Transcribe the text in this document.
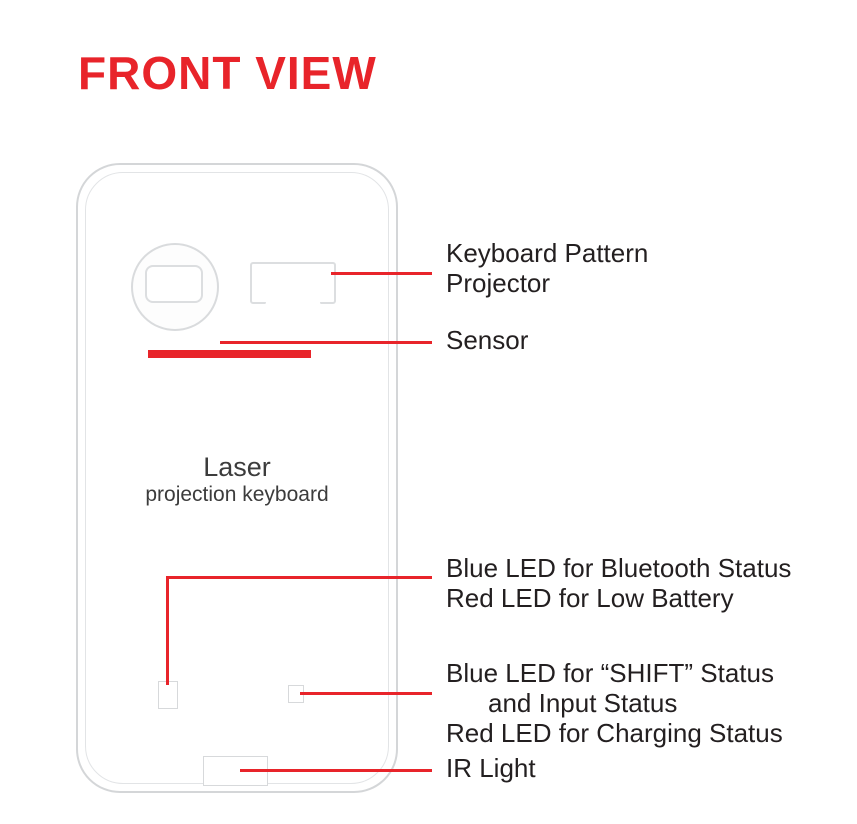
FRONT VIEW
Laser
projection keyboard
Keyboard Pattern
Projector
Sensor
Blue LED for Bluetooth Status
Red LED for Low Battery
Blue LED for “SHIFT” Status
and Input Status
Red LED for Charging Status
IR Light
